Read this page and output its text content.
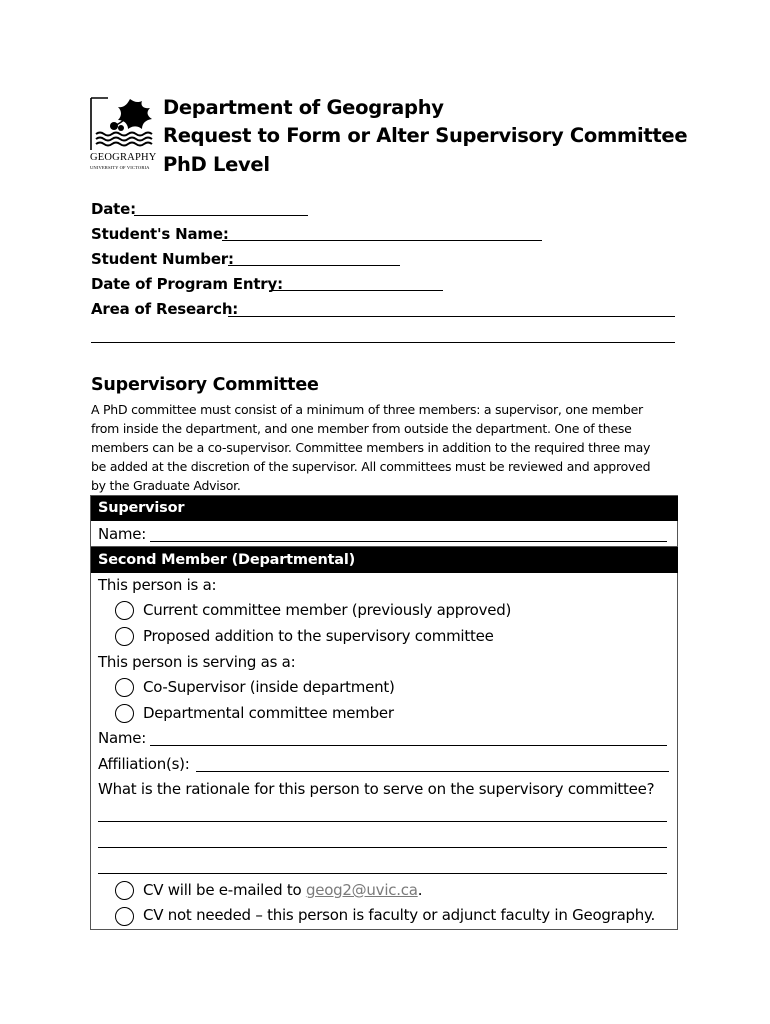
GEOGRAPHY
UNIVERSITY OF VICTORIA
Department of Geography
Request to Form or Alter Supervisory Committee
PhD Level
Date:
Student's Name:
Student Number:
Date of Program Entry:
Area of Research:
Supervisory Committee
A PhD committee must consist of a minimum of three members: a supervisor, one member
from inside the department, and one member from outside the department. One of these
members can be a co-supervisor. Committee members in addition to the required three may
be added at the discretion of the supervisor. All committees must be reviewed and approved
by the Graduate Advisor.
Supervisor
Name:
Second Member (Departmental)
This person is a:
Current committee member (previously approved)
Proposed addition to the supervisory committee
This person is serving as a:
Co-Supervisor (inside department)
Departmental committee member
Name:
Affiliation(s):
What is the rationale for this person to serve on the supervisory committee?
CV will be e-mailed to geog2@uvic.ca.
CV not needed – this person is faculty or adjunct faculty in Geography.
